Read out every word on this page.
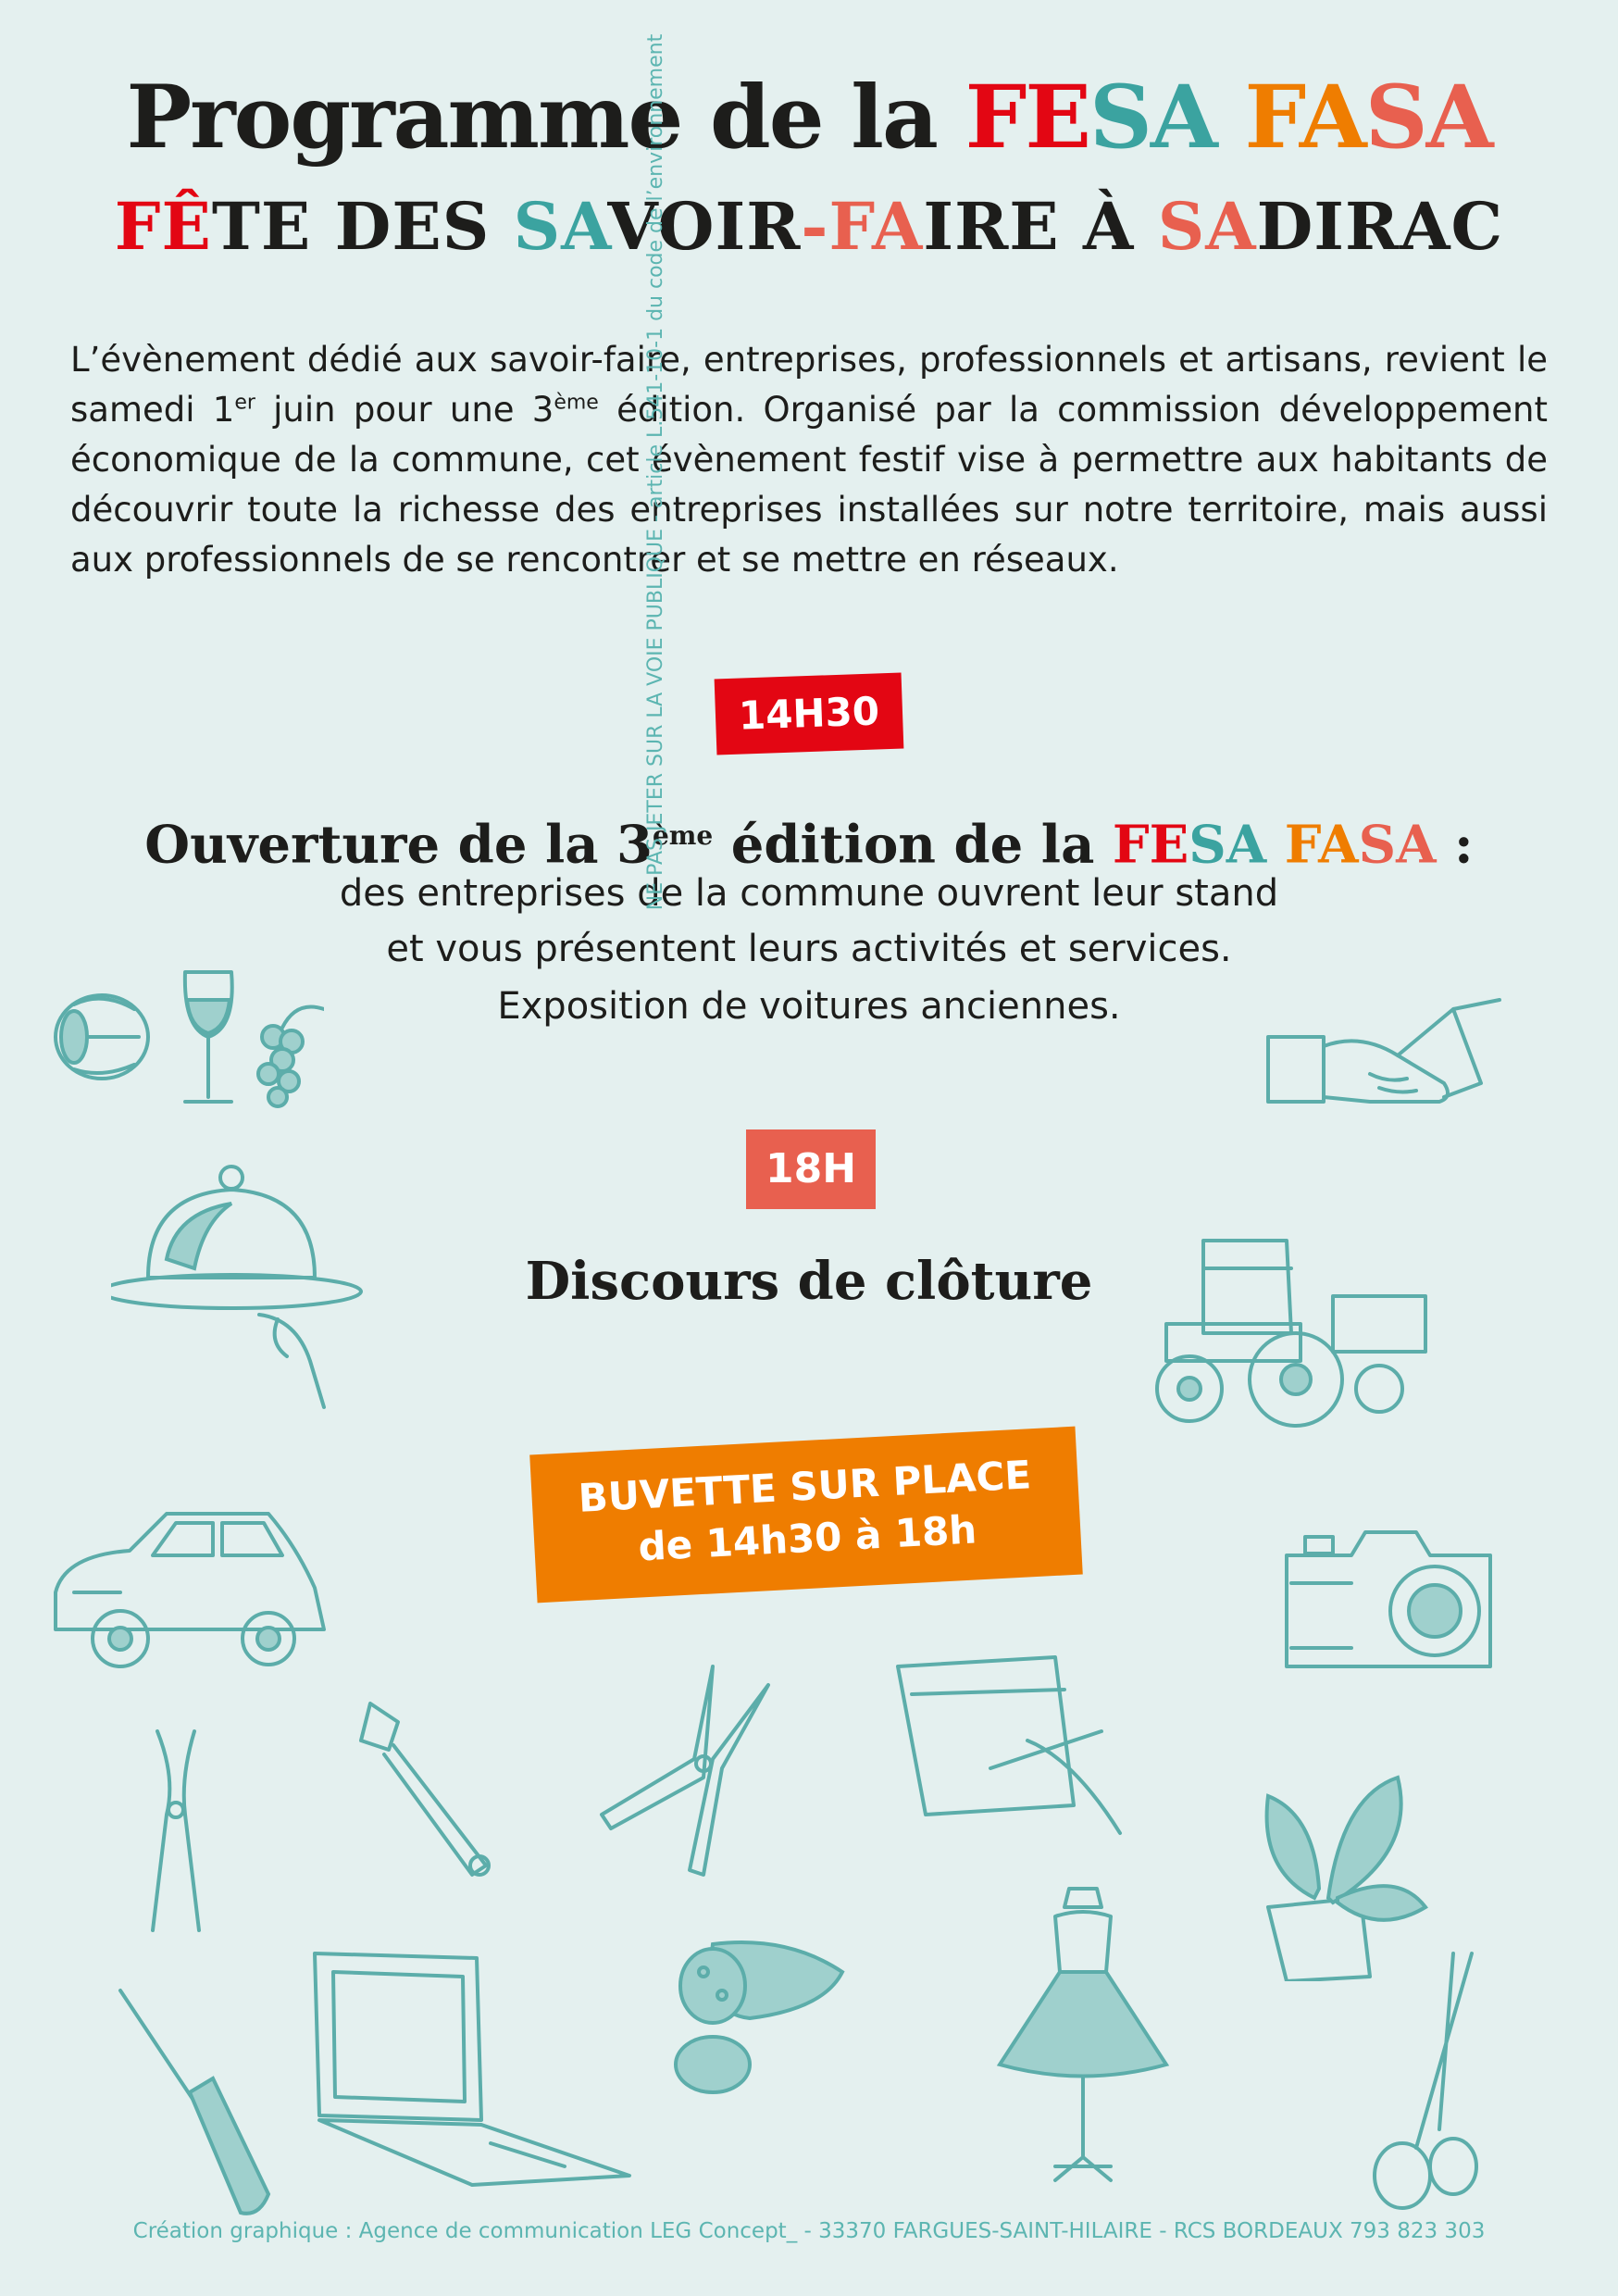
Programme de la FESA FASA
FÊTE DES SAVOIR-FAIRE À SADIRAC

L’évènement dédié aux savoir-faire, entreprises, professionnels et artisans, revient le samedi 1er juin pour une 3ème édition. Organisé par la commission développement économique de la commune, cet évènement festif vise à permettre aux habitants de découvrir toute la richesse des entreprises installées sur notre territoire, mais aussi aux professionnels de se rencontrer et se mettre en réseaux.

14H30
Ouverture de la 3ème édition de la FESA FASA :
des entreprises de la commune ouvrent leur stand
et vous présentent leurs activités et services.
Exposition de voitures anciennes.
18H
Discours de clôture
BUVETTE SUR PLACE
de 14h30 à 18h
NE PAS JETER SUR LA VOIE PUBLIQUE - article L.541-10-1 du code de l’environnement
Création graphique : Agence de communication LEG Concept_ - 33370 FARGUES-SAINT-HILAIRE - RCS BORDEAUX 793 823 303
